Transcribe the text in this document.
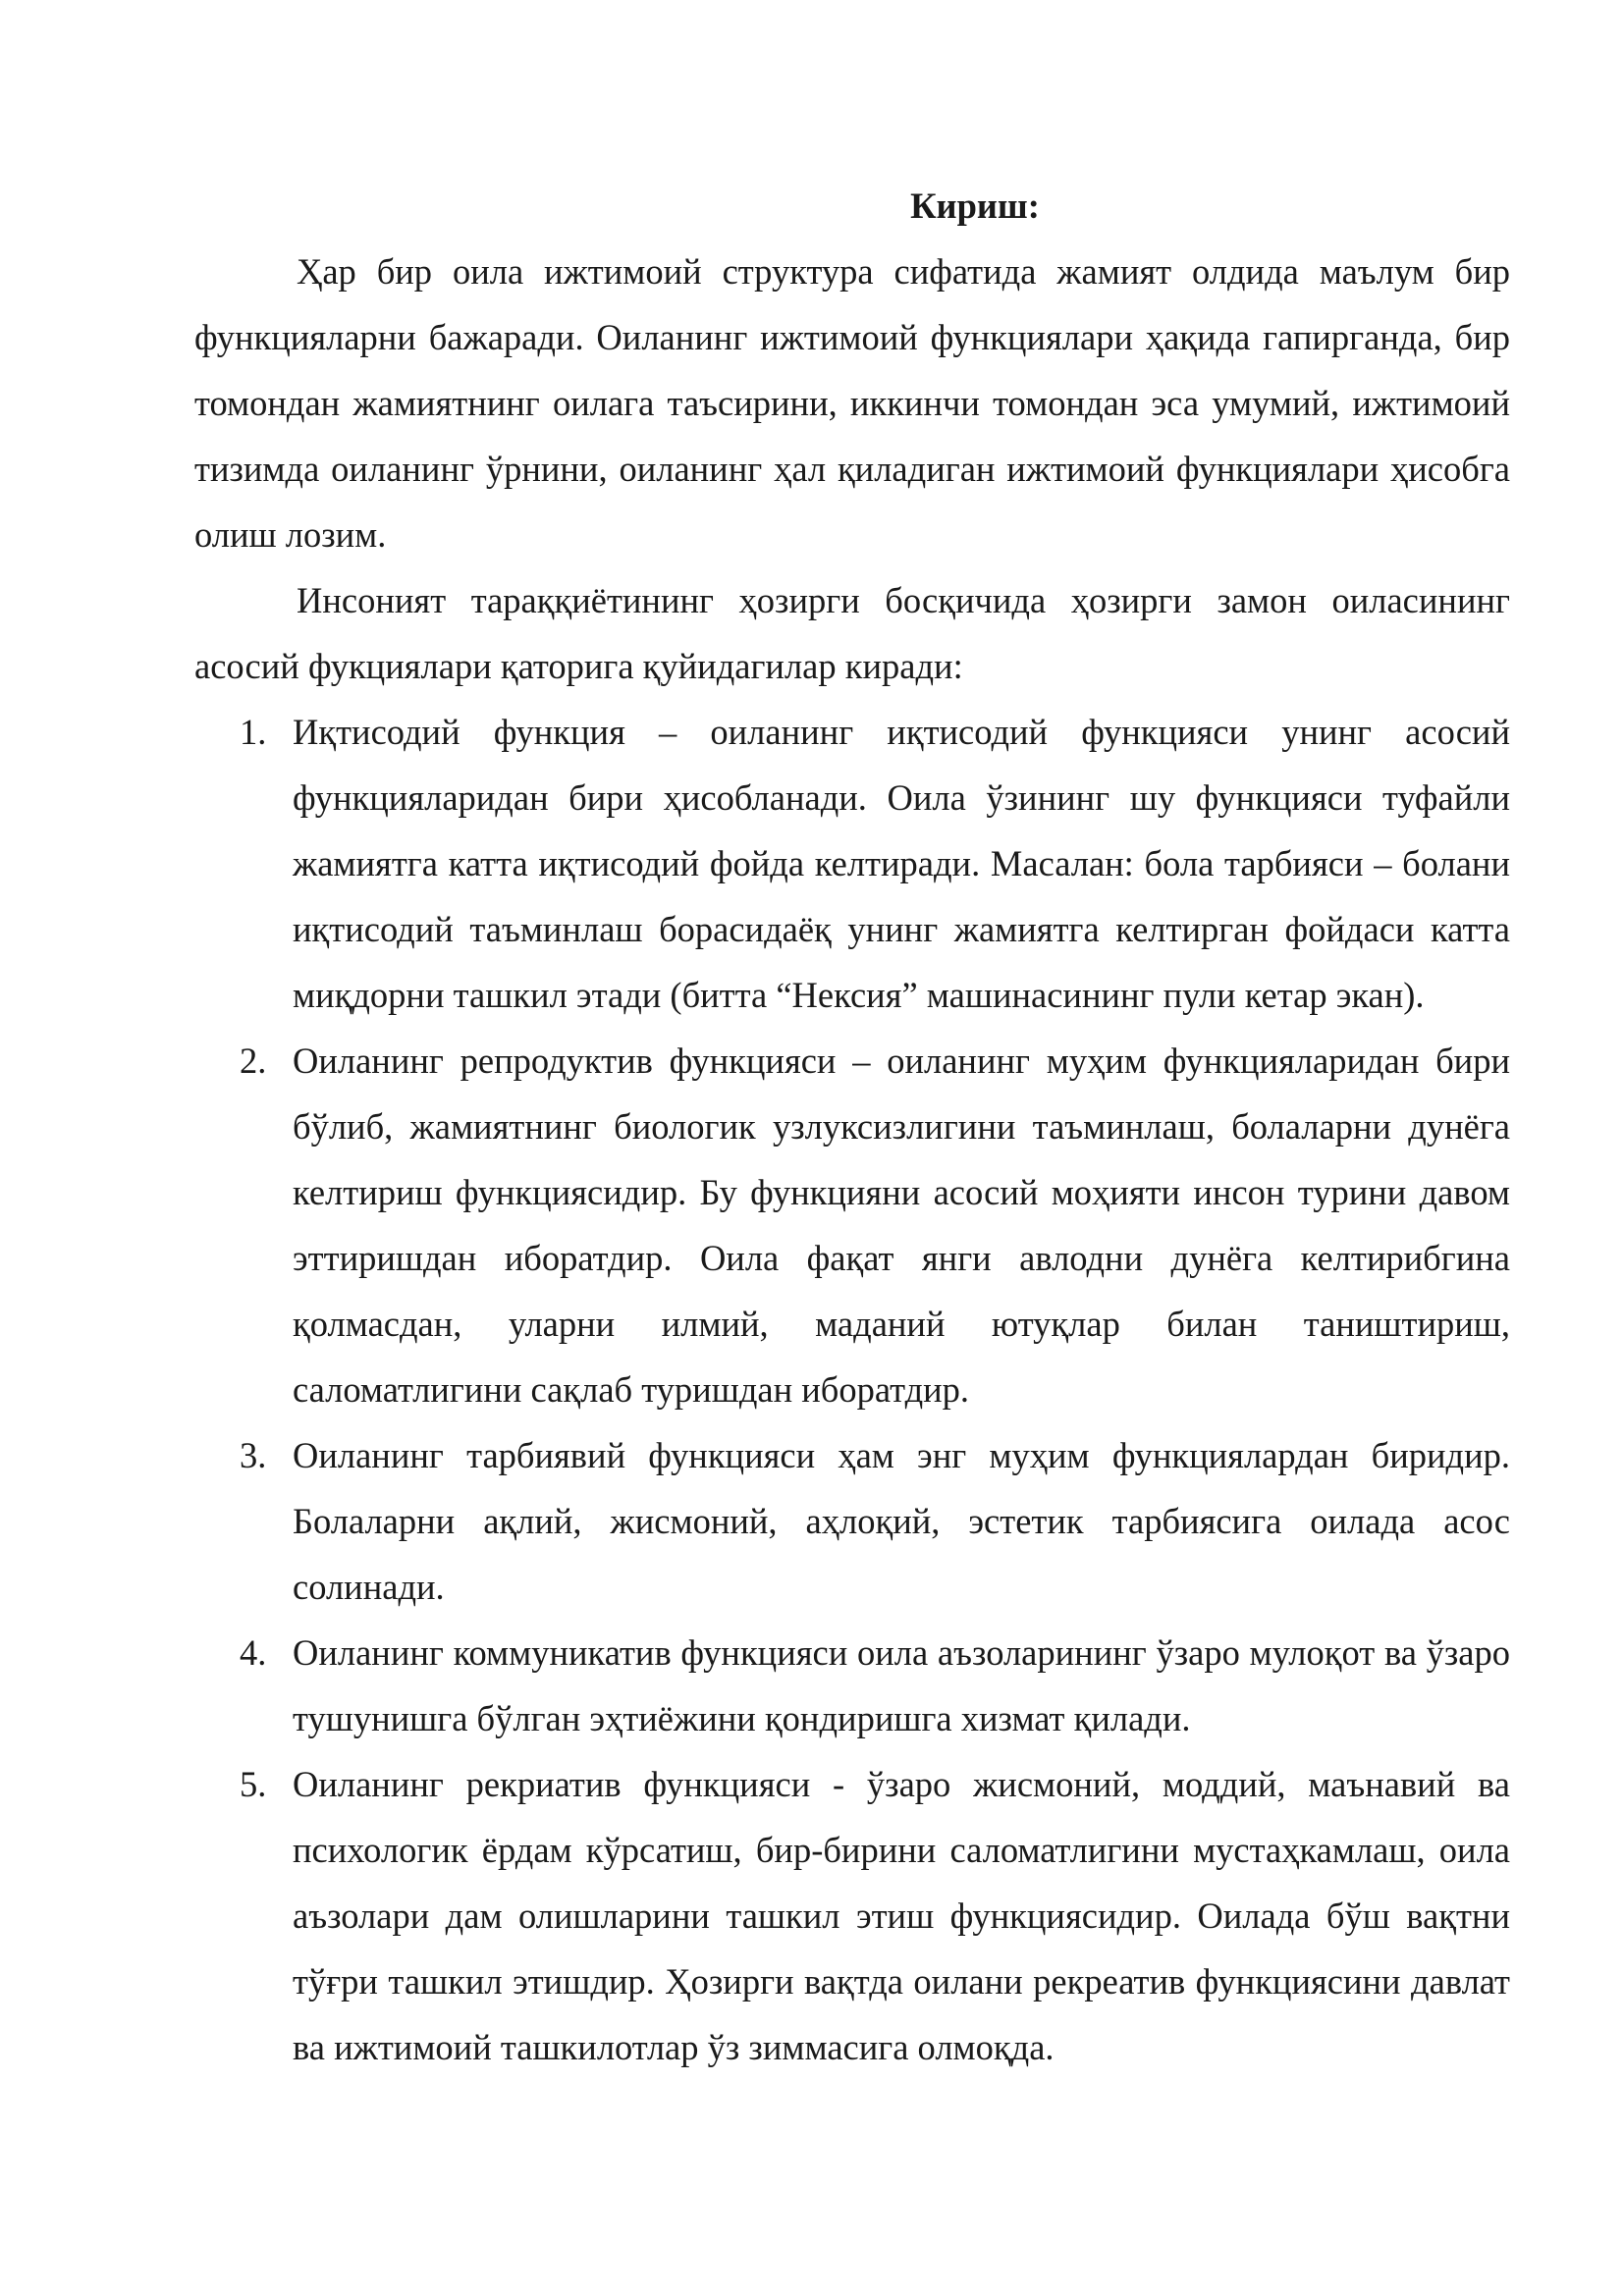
Кириш:

Ҳар бир оила ижтимоий структура сифатида жамият олдида маълум бир функцияларни бажаради. Оиланинг ижтимоий функциялари ҳақида гапирганда, бир томондан жамиятнинг оилага таъсирини, иккинчи томондан эса умумий, ижтимоий тизимда оиланинг ўрнини, оиланинг ҳал қиладиган ижтимоий функциялари ҳисобга олиш лозим.

Инсоният тараққиётининг ҳозирги босқичида ҳозирги замон оиласининг асосий фукциялари қаторига қуйидагилар киради:

1. Иқтисодий функция – оиланинг иқтисодий функцияси унинг асосий функцияларидан бири ҳисобланади. Оила ўзининг шу функцияси туфайли жамиятга катта иқтисодий фойда келтиради. Масалан: бола тарбияси – болани иқтисодий таъминлаш борасидаёқ унинг жамиятга келтирган фойдаси катта миқдорни ташкил этади (битта “Нексия” машинасининг пули кетар экан).
2. Оиланинг репродуктив функцияси – оиланинг муҳим функцияларидан бири бўлиб, жамиятнинг биологик узлуксизлигини таъминлаш, болаларни дунёга келтириш функциясидир. Бу функцияни асосий моҳияти инсон турини давом эттиришдан иборатдир. Оила фақат янги авлодни дунёга келтирибгина қолмасдан, уларни илмий, маданий ютуқлар билан таништириш, саломатлигини сақлаб туришдан иборатдир.
3. Оиланинг тарбиявий функцияси ҳам энг муҳим функциялардан биридир. Болаларни ақлий, жисмоний, аҳлоқий, эстетик тарбиясига оилада асос солинади.
4. Оиланинг коммуникатив функцияси оила аъзоларининг ўзаро мулоқот ва ўзаро тушунишга бўлган эҳтиёжини қондиришга хизмат қилади.
5. Оиланинг рекриатив функцияси - ўзаро жисмоний, моддий, маънавий ва психологик ёрдам кўрсатиш, бир-бирини саломатлигини мустаҳкамлаш, оила аъзолари дам олишларини ташкил этиш функциясидир. Оилада бўш вақтни тўғри ташкил этишдир. Ҳозирги вақтда оилани рекреатив функциясини давлат ва ижтимоий ташкилотлар ўз зиммасига олмоқда.
